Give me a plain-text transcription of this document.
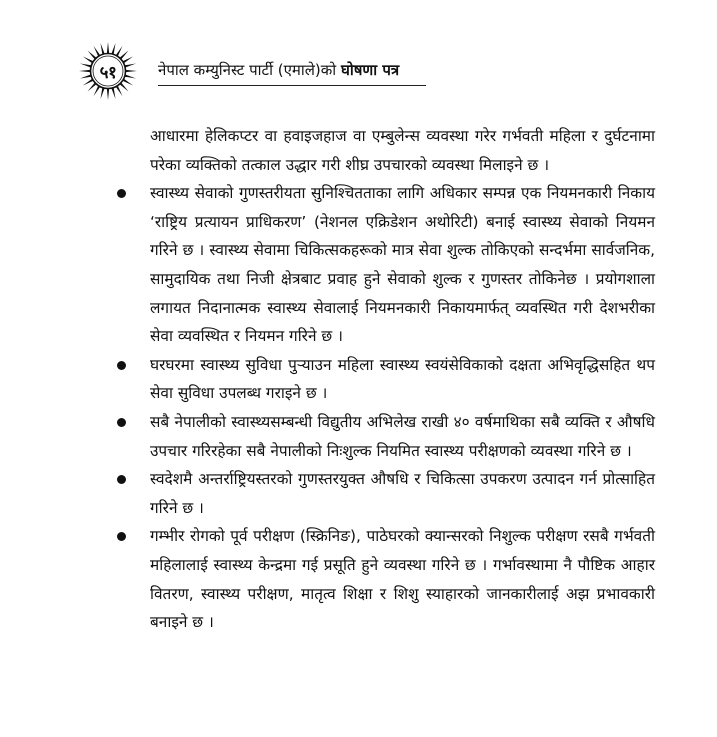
५१	नेपाल कम्युनिस्ट पार्टी (एमाले)को घोषणा पत्र

आधारमा हेलिकप्टर वा हवाइजहाज वा एम्बुलेन्स व्यवस्था गरेर गर्भवती महिला र दुर्घटनामा परेका व्यक्तिको तत्काल उद्धार गरी शीघ्र उपचारको व्यवस्था मिलाइने छ ।

स्वास्थ्य सेवाको गुणस्तरीयता सुनिश्चितताका लागि अधिकार सम्पन्न एक नियमनकारी निकाय ‘राष्ट्रिय प्रत्यायन प्राधिकरण’ (नेशनल एक्रिडेशन अथोरिटी) बनाई स्वास्थ्य सेवाको नियमन गरिने छ । स्वास्थ्य सेवामा चिकित्सकहरूको मात्र सेवा शुल्क तोकिएको सन्दर्भमा सार्वजनिक, सामुदायिक तथा निजी क्षेत्रबाट प्रवाह हुने सेवाको शुल्क र गुणस्तर तोकिनेछ । प्रयोगशाला लगायत निदानात्मक स्वास्थ्य सेवालाई नियमनकारी निकायमार्फत् व्यवस्थित गरी देशभरीका सेवा व्यवस्थित र नियमन गरिने छ ।
घरघरमा स्वास्थ्य सुविधा पुऱ्याउन महिला स्वास्थ्य स्वयंसेविकाको दक्षता अभिवृद्धिसहित थप सेवा सुविधा उपलब्ध गराइने छ ।
सबै नेपालीको स्वास्थ्यसम्बन्धी विद्युतीय अभिलेख राखी ४० वर्षमाथिका सबै व्यक्ति र औषधि उपचार गरिरहेका सबै नेपालीको निःशुल्क नियमित स्वास्थ्य परीक्षणको व्यवस्था गरिने छ ।
स्वदेशमै अन्तर्राष्ट्रियस्तरको गुणस्तरयुक्त औषधि र चिकित्सा उपकरण उत्पादन गर्न प्रोत्साहित गरिने छ ।
गम्भीर रोगको पूर्व परीक्षण (स्क्रिनिङ), पाठेघरको क्यान्सरको निशुल्क परीक्षण रसबै गर्भवती महिलालाई स्वास्थ्य केन्द्रमा गई प्रसूति हुने व्यवस्था गरिने छ । गर्भावस्थामा नै पौष्टिक आहार वितरण, स्वास्थ्य परीक्षण, मातृत्व शिक्षा र शिशु स्याहारको जानकारीलाई अझ प्रभावकारी बनाइने छ ।
